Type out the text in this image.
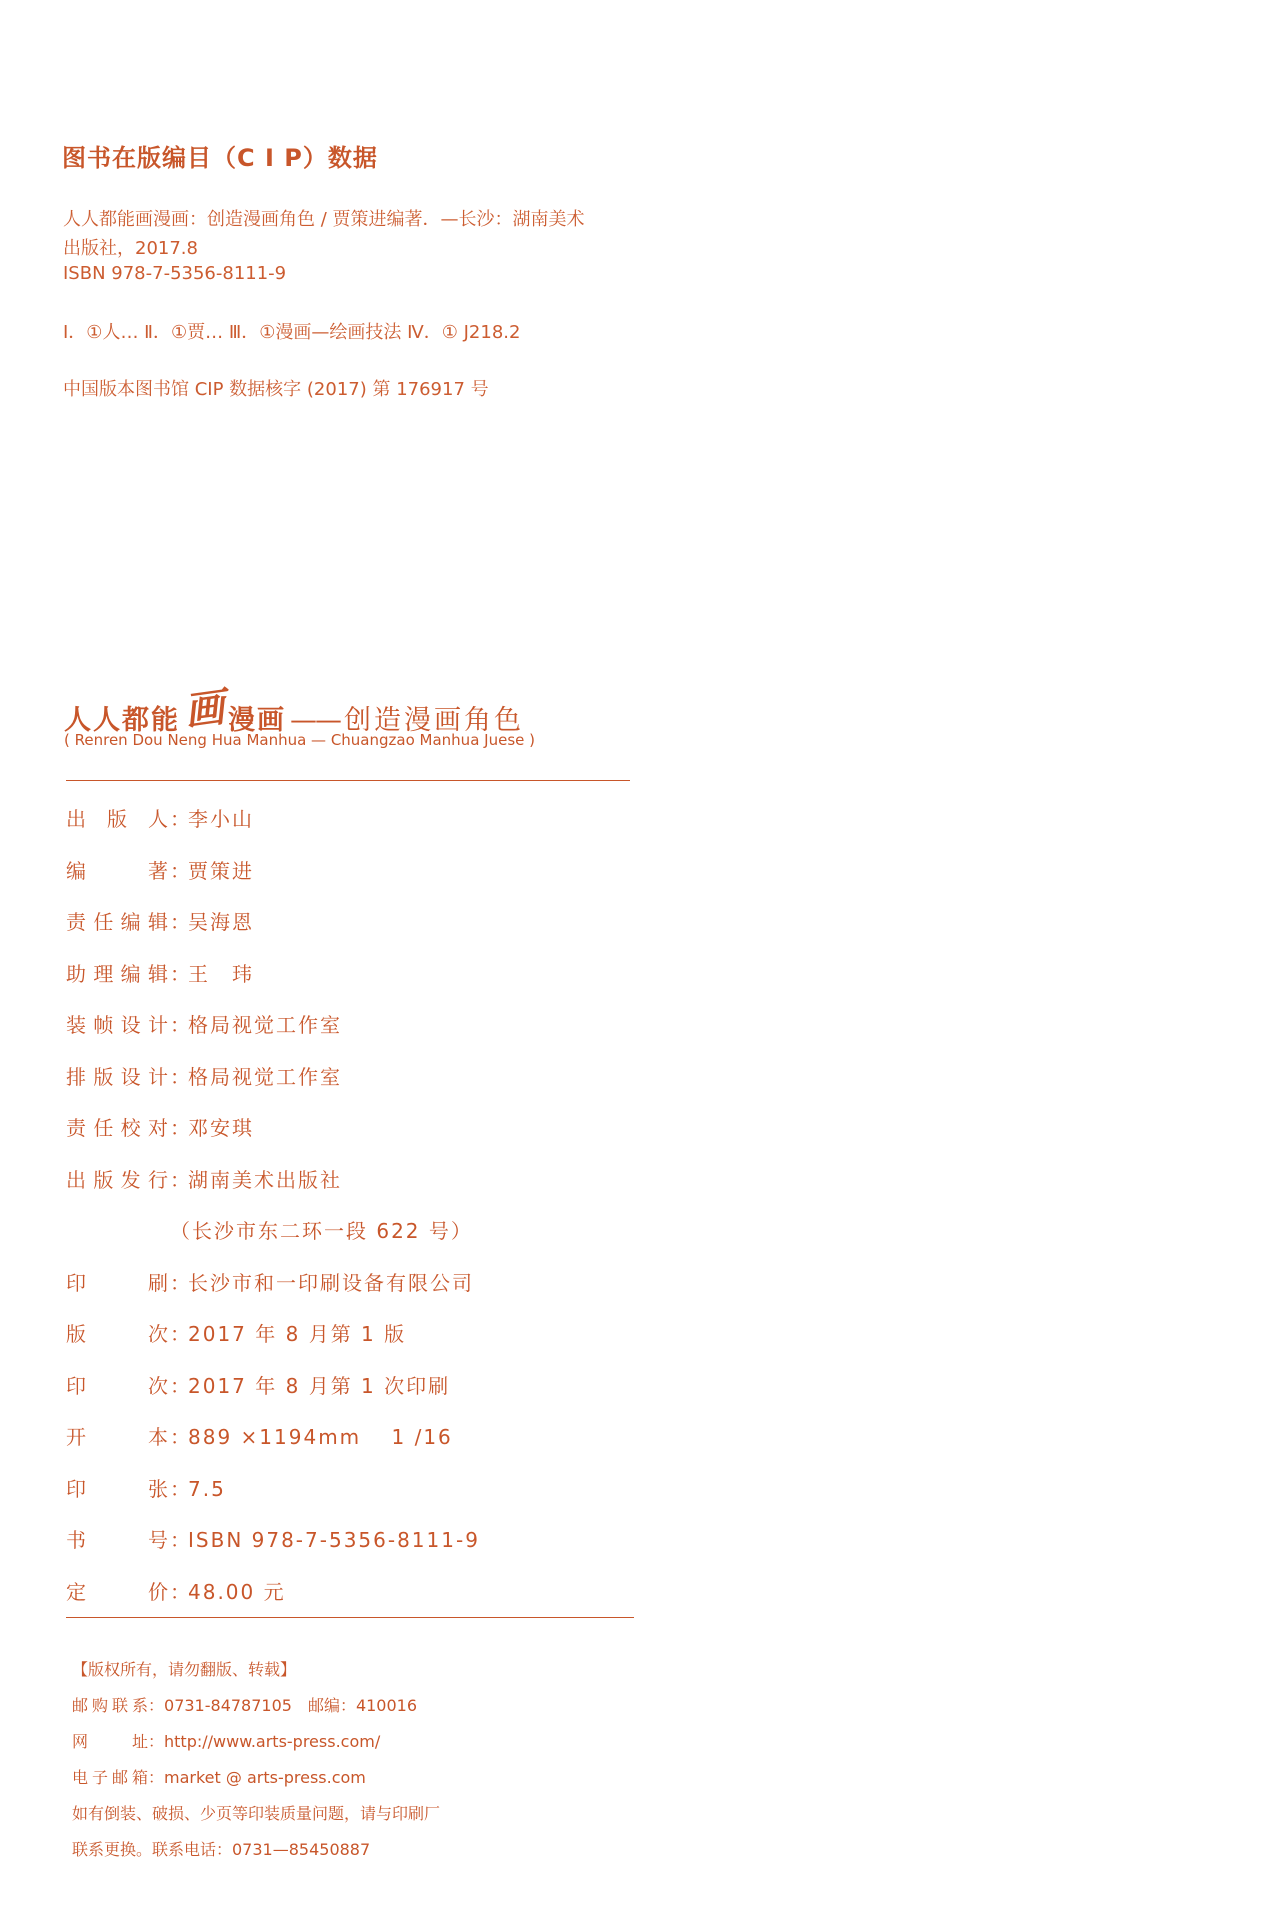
图书在版编目（C I P）数据
人人都能画漫画：创造漫画角色 / 贾策进编著．—长沙：湖南美术
出版社，2017.8
ISBN 978-7-5356-8111-9
Ⅰ．①人… Ⅱ．①贾… Ⅲ．①漫画—绘画技法 Ⅳ．① J218.2
中国版本图书馆 CIP 数据核字 (2017) 第 176917 号
人人都能画漫画 —— 创造漫画角色
( Renren Dou Neng Hua Manhua — Chuangzao Manhua Juese )
出版人：李小山
编著：贾策进
责任编辑：吴海恩
助理编辑：王　玮
装帧设计：格局视觉工作室
排版设计：格局视觉工作室
责任校对：邓安琪
出版发行：湖南美术出版社
（长沙市东二环一段 622 号）
印刷：长沙市和一印刷设备有限公司
版次：2017 年 8 月第 1 版
印次：2017 年 8 月第 1 次印刷
开本：889 ×1194mm　 1 /16
印张：7.5
书号：ISBN 978-7-5356-8111-9
定价：48.00 元
【版权所有，请勿翻版、转载】
邮购联系：0731-84787105　邮编：410016
网址：http://www.arts-press.com/
电子邮箱：market @ arts-press.com
如有倒装、破损、少页等印装质量问题，请与印刷厂
联系更换。联系电话：0731—85450887
